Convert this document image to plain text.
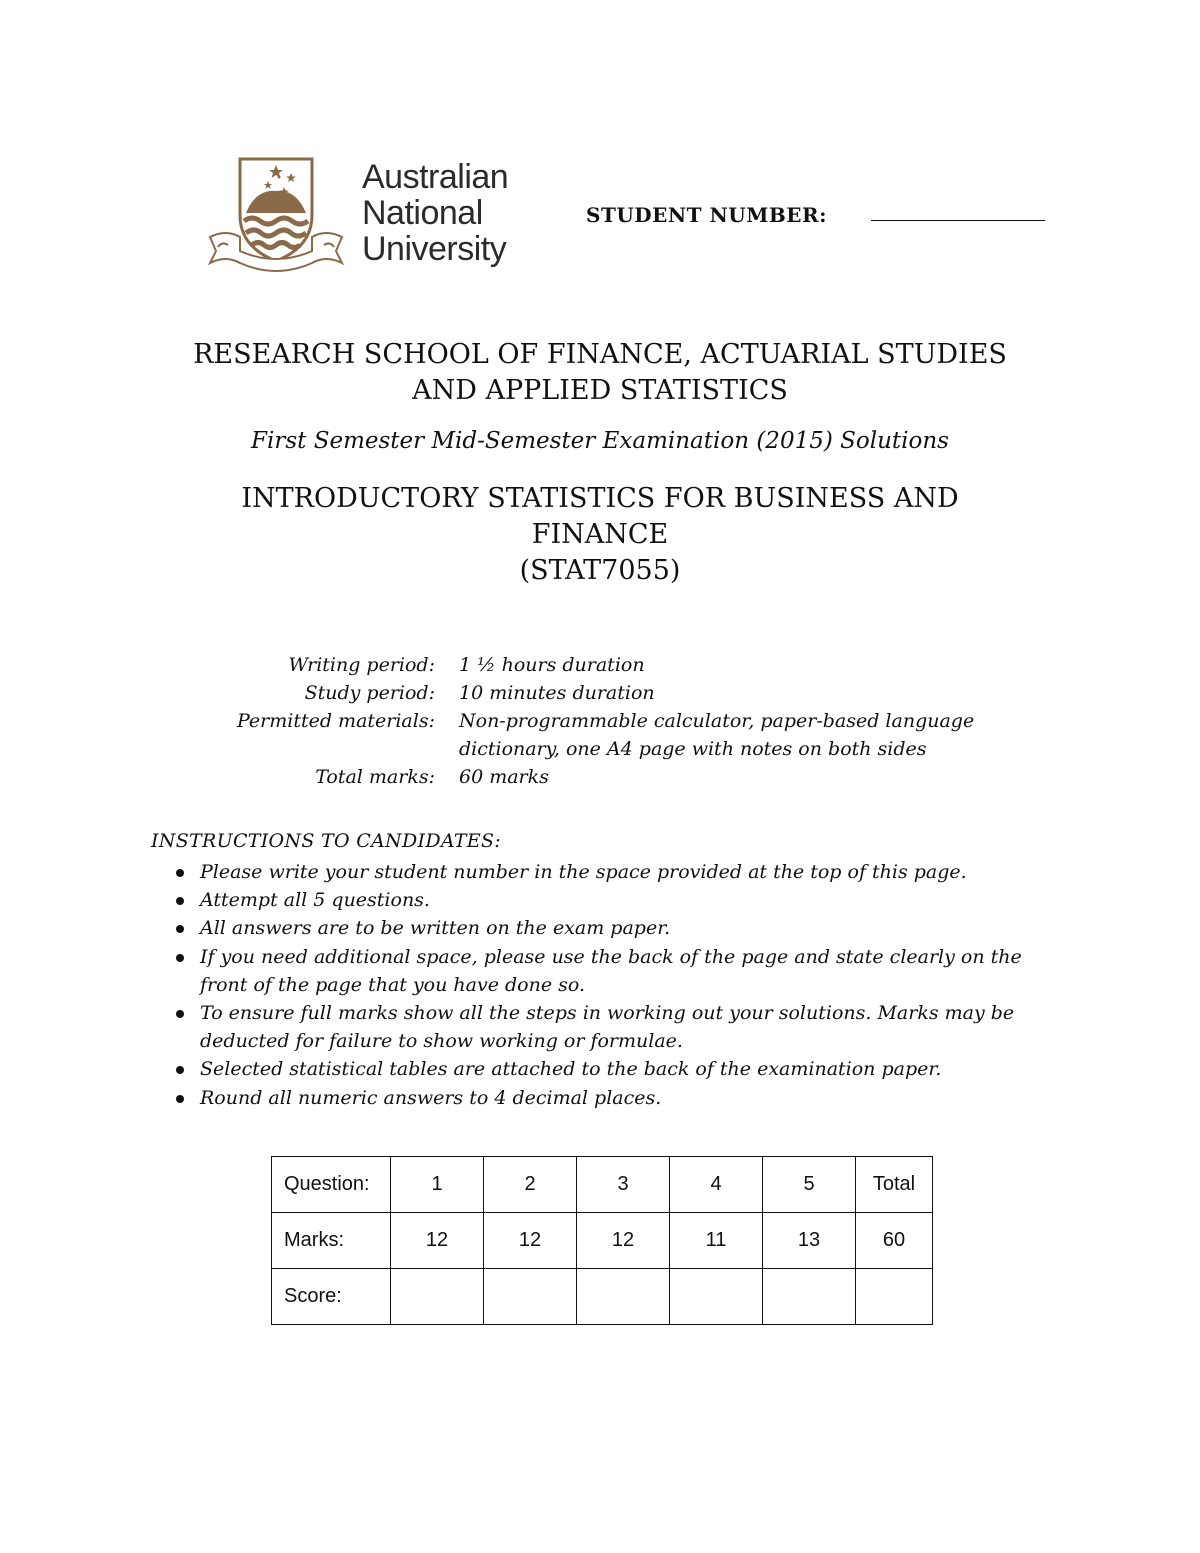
Australian
National
University
STUDENT NUMBER:
RESEARCH SCHOOL OF FINANCE, ACTUARIAL STUDIES
AND APPLIED STATISTICS
First Semester Mid-Semester Examination (2015) Solutions
INTRODUCTORY STATISTICS FOR BUSINESS AND
FINANCE
(STAT7055)
Writing period: 1 ½ hours duration
Study period: 10 minutes duration
Permitted materials: Non-programmable calculator, paper-based language
dictionary, one A4 page with notes on both sides
Total marks: 60 marks
INSTRUCTIONS TO CANDIDATES:
Please write your student number in the space provided at the top of this page.
Attempt all 5 questions.
All answers are to be written on the exam paper.
If you need additional space, please use the back of the page and state clearly on the front of the page that you have done so.
To ensure full marks show all the steps in working out your solutions. Marks may be deducted for failure to show working or formulae.
Selected statistical tables are attached to the back of the examination paper.
Round all numeric answers to 4 decimal places.
Question:	1	2	3	4	5	Total
Marks:	12	12	12	11	13	60
Score:						
